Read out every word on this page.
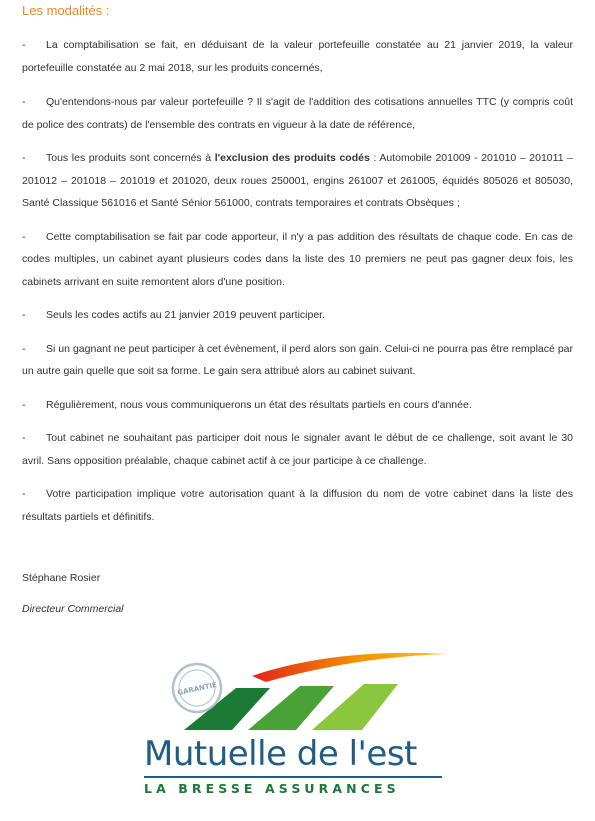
Les modalités :

- La comptabilisation se fait, en déduisant de la valeur portefeuille constatée au 21 janvier 2019, la valeur portefeuille constatée au 2 mai 2018, sur les produits concernés,

- Qu'entendons-nous par valeur portefeuille ? Il s'agit de l'addition des cotisations annuelles TTC (y compris coût de police des contrats) de l'ensemble des contrats en vigueur à la date de référence,

- Tous les produits sont concernés à l'exclusion des produits codés : Automobile 201009 - 201010 – 201011 – 201012 – 201018 – 201019 et 201020, deux roues 250001, engins 261007 et 261005, équidés 805026 et 805030, Santé Classique 561016 et Santé Sénior 561000, contrats temporaires et contrats Obsèques ;

- Cette comptabilisation se fait par code apporteur, il n'y a pas addition des résultats de chaque code. En cas de codes multiples, un cabinet ayant plusieurs codes dans la liste des 10 premiers ne peut pas gagner deux fois, les cabinets arrivant en suite remontent alors d'une position.

- Seuls les codes actifs au 21 janvier 2019 peuvent participer.

- Si un gagnant ne peut participer à cet évènement, il perd alors son gain. Celui-ci ne pourra pas être remplacé par un autre gain quelle que soit sa forme. Le gain sera attribué alors au cabinet suivant.

- Régulièrement, nous vous communiquerons un état des résultats partiels en cours d'année.

- Tout cabinet ne souhaitant pas participer doit nous le signaler avant le début de ce challenge, soit avant le 30 avril. Sans opposition préalable, chaque cabinet actif à ce jour participe à ce challenge.

- Votre participation implique votre autorisation quant à la diffusion du nom de votre cabinet dans la liste des résultats partiels et définitifs.

Stéphane Rosier
Directeur Commercial
GARANTIE
Mutuelle de l'est
LA BRESSE ASSURANCES
